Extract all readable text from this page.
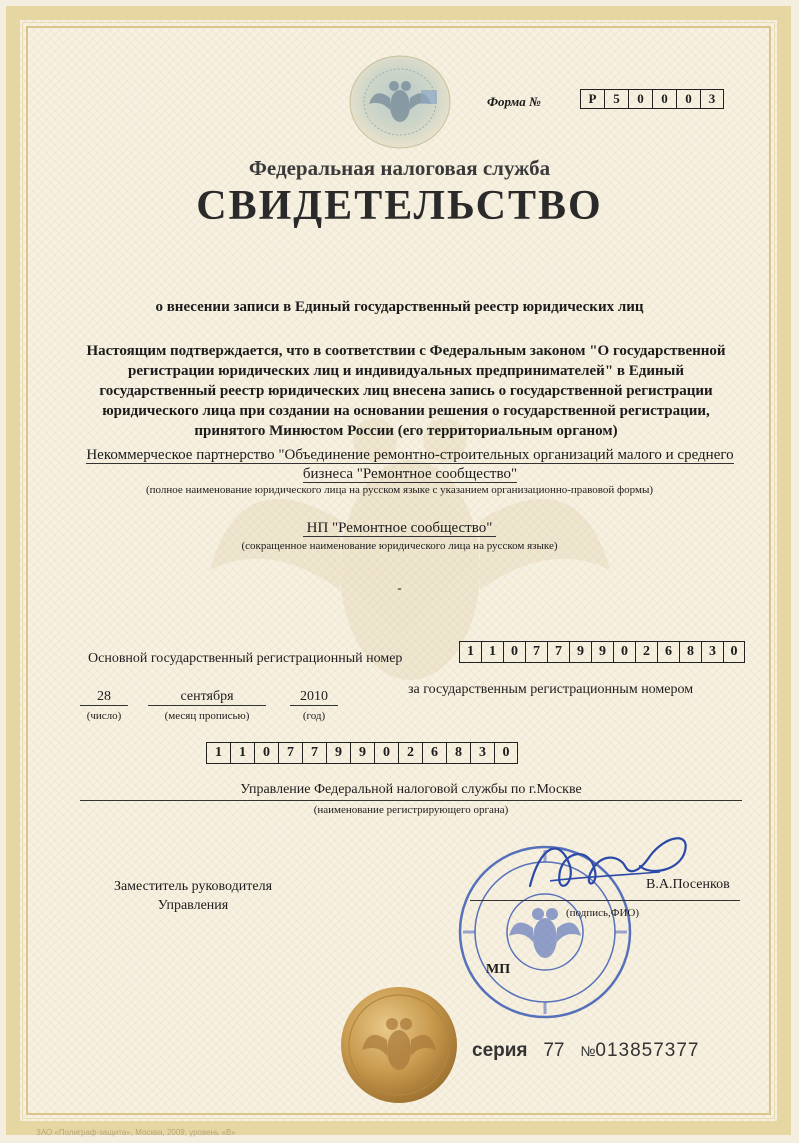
Форма №	Р	5	0	0	0	3
Федеральная налоговая служба
СВИДЕТЕЛЬСТВО
о внесении записи в Единый государственный реестр юридических лиц
Настоящим подтверждается, что в соответствии с Федеральным законом "О государственной регистрации юридических лиц и индивидуальных предпринимателей" в Единый государственный реестр юридических лиц внесена запись о государственной регистрации юридического лица при создании на основании решения о государственной регистрации, принятого Минюстом России (его территориальным органом)
Некоммерческое партнерство "Объединение ремонтно-строительных организаций малого и среднего бизнеса "Ремонтное сообщество"
(полное наименование юридического лица на русском языке с указанием организационно-правовой формы)
НП "Ремонтное сообщество"
(сокращенное наименование юридического лица на русском языке)
-
Основной государственный регистрационный номер	1	1	0	7	7	9	9	0	2	6	8	3	0
28
(число)
сентября
(месяц прописью)
2010
(год)
за государственным регистрационным номером
1	1	0	7	7	9	9	0	2	6	8	3	0
Управление Федеральной налоговой службы по г.Москве
(наименование регистрирующего органа)
Заместитель руководителя
Управления
В.А.Посенков
(подпись,ФИО)
МП
серия 77 №013857377
ЗАО «Полиграф-защита», Москва, 2009, уровень «В»
